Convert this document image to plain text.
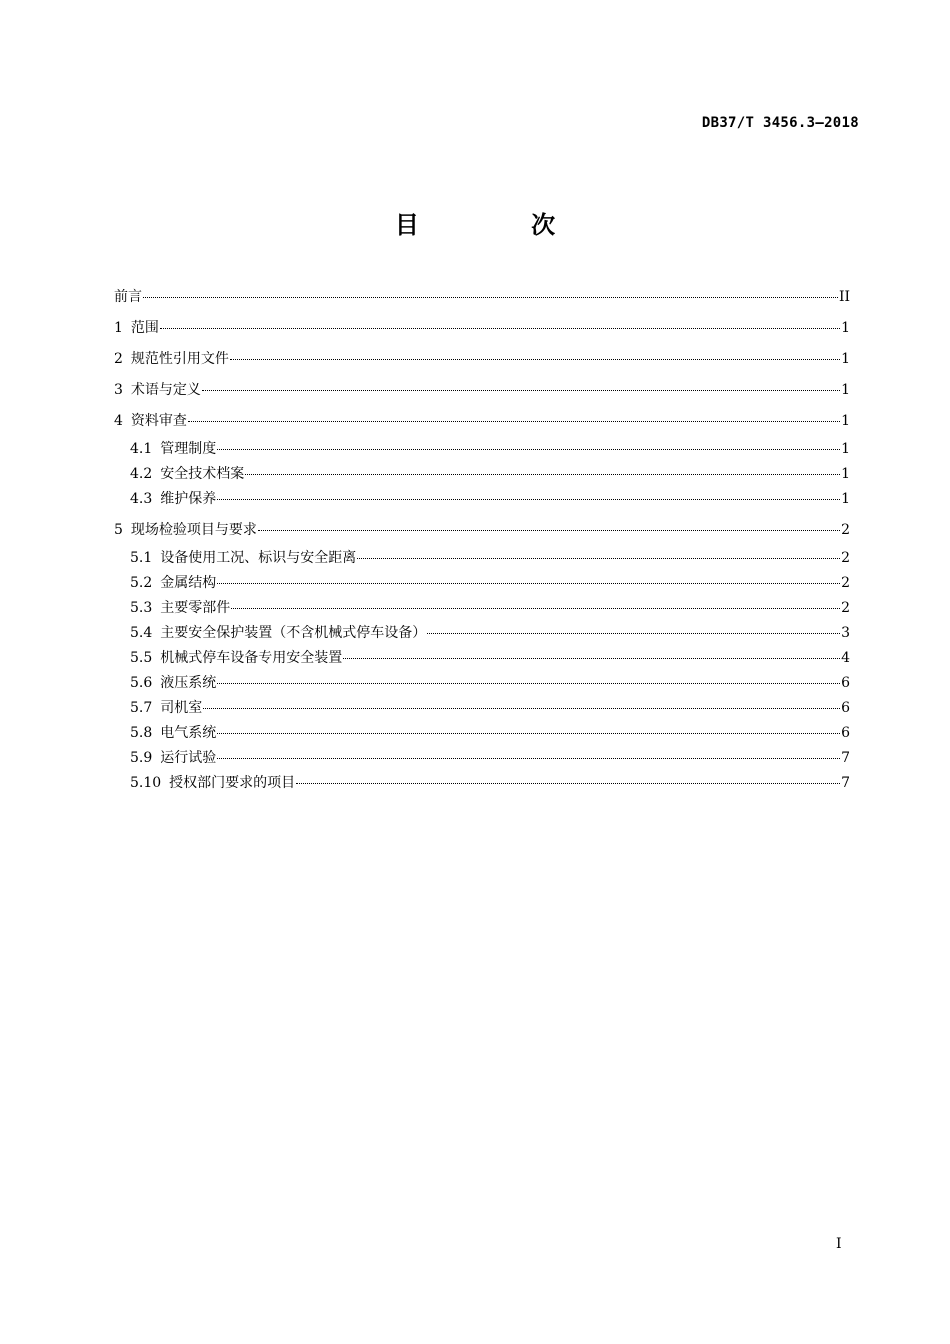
DB37/T 3456.3—2018
目 次
前言	II
1 范围	1
2 规范性引用文件	1
3 术语与定义	1
4 资料审查	1
4.1 管理制度	1
4.2 安全技术档案	1
4.3 维护保养	1
5 现场检验项目与要求	2
5.1 设备使用工况、标识与安全距离	2
5.2 金属结构	2
5.3 主要零部件	2
5.4 主要安全保护装置（不含机械式停车设备）	3
5.5 机械式停车设备专用安全装置	4
5.6 液压系统	6
5.7 司机室	6
5.8 电气系统	6
5.9 运行试验	7
5.10 授权部门要求的项目	7
I
